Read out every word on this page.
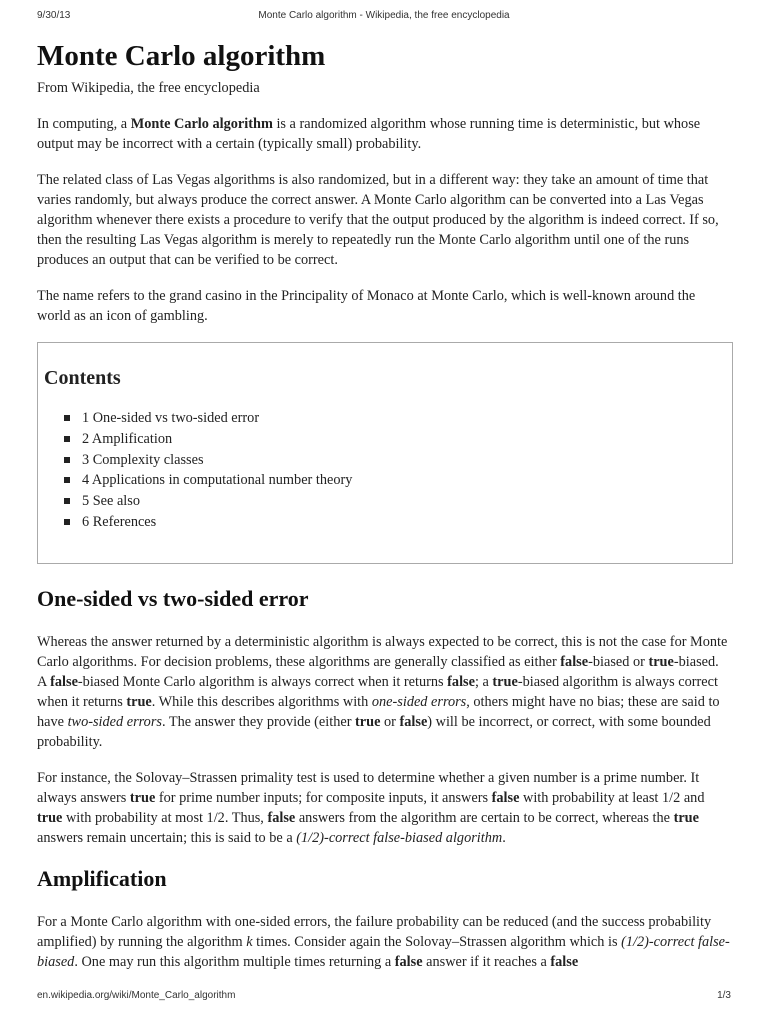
9/30/13	Monte Carlo algorithm - Wikipedia, the free encyclopedia
Monte Carlo algorithm
From Wikipedia, the free encyclopedia

In computing, a Monte Carlo algorithm is a randomized algorithm whose running time is deterministic, but whose output may be incorrect with a certain (typically small) probability.

The related class of Las Vegas algorithms is also randomized, but in a different way: they take an amount of time that varies randomly, but always produce the correct answer. A Monte Carlo algorithm can be converted into a Las Vegas algorithm whenever there exists a procedure to verify that the output produced by the algorithm is indeed correct. If so, then the resulting Las Vegas algorithm is merely to repeatedly run the Monte Carlo algorithm until one of the runs produces an output that can be verified to be correct.

The name refers to the grand casino in the Principality of Monaco at Monte Carlo, which is well-known around the world as an icon of gambling.

Contents
1 One-sided vs two-sided error
2 Amplification
3 Complexity classes
4 Applications in computational number theory
5 See also
6 References
One-sided vs two-sided error

Whereas the answer returned by a deterministic algorithm is always expected to be correct, this is not the case for Monte Carlo algorithms. For decision problems, these algorithms are generally classified as either false-biased or true-biased. A false-biased Monte Carlo algorithm is always correct when it returns false; a true-biased algorithm is always correct when it returns true. While this describes algorithms with one-sided errors, others might have no bias; these are said to have two-sided errors. The answer they provide (either true or false) will be incorrect, or correct, with some bounded probability.

For instance, the Solovay–Strassen primality test is used to determine whether a given number is a prime number. It always answers true for prime number inputs; for composite inputs, it answers false with probability at least 1/2 and true with probability at most 1/2. Thus, false answers from the algorithm are certain to be correct, whereas the true answers remain uncertain; this is said to be a (1/2)-correct false-biased algorithm.

Amplification

For a Monte Carlo algorithm with one-sided errors, the failure probability can be reduced (and the success probability amplified) by running the algorithm k times. Consider again the Solovay–Strassen algorithm which is (1/2)-correct false-biased. One may run this algorithm multiple times returning a false answer if it reaches a false

en.wikipedia.org/wiki/Monte_Carlo_algorithm	1/3
